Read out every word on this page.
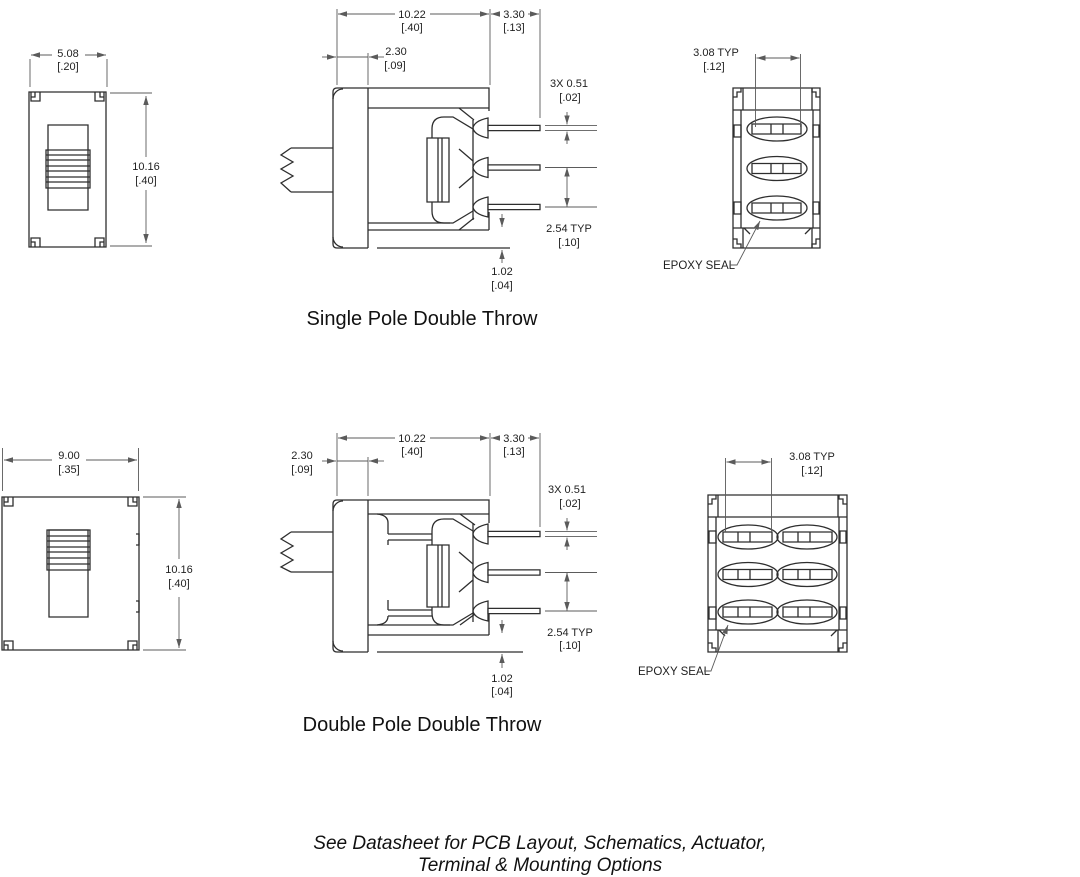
5.08
[.20]
10.16
[.40]
10.22
[.40]
3.30
[.13]
2.30
[.09]
3X 0.51
[.02]
2.54 TYP
[.10]
1.02
[.04]
3.08 TYP
[.12]
EPOXY SEAL
Single Pole Double Throw
9.00
[.35]
10.16
[.40]
10.22
[.40]
3.30
[.13]
2.30
[.09]
3X 0.51
[.02]
2.54 TYP
[.10]
1.02
[.04]
3.08 TYP
[.12]
EPOXY SEAL
Double Pole Double Throw
See Datasheet for PCB Layout, Schematics, Actuator,
Terminal & Mounting Options
